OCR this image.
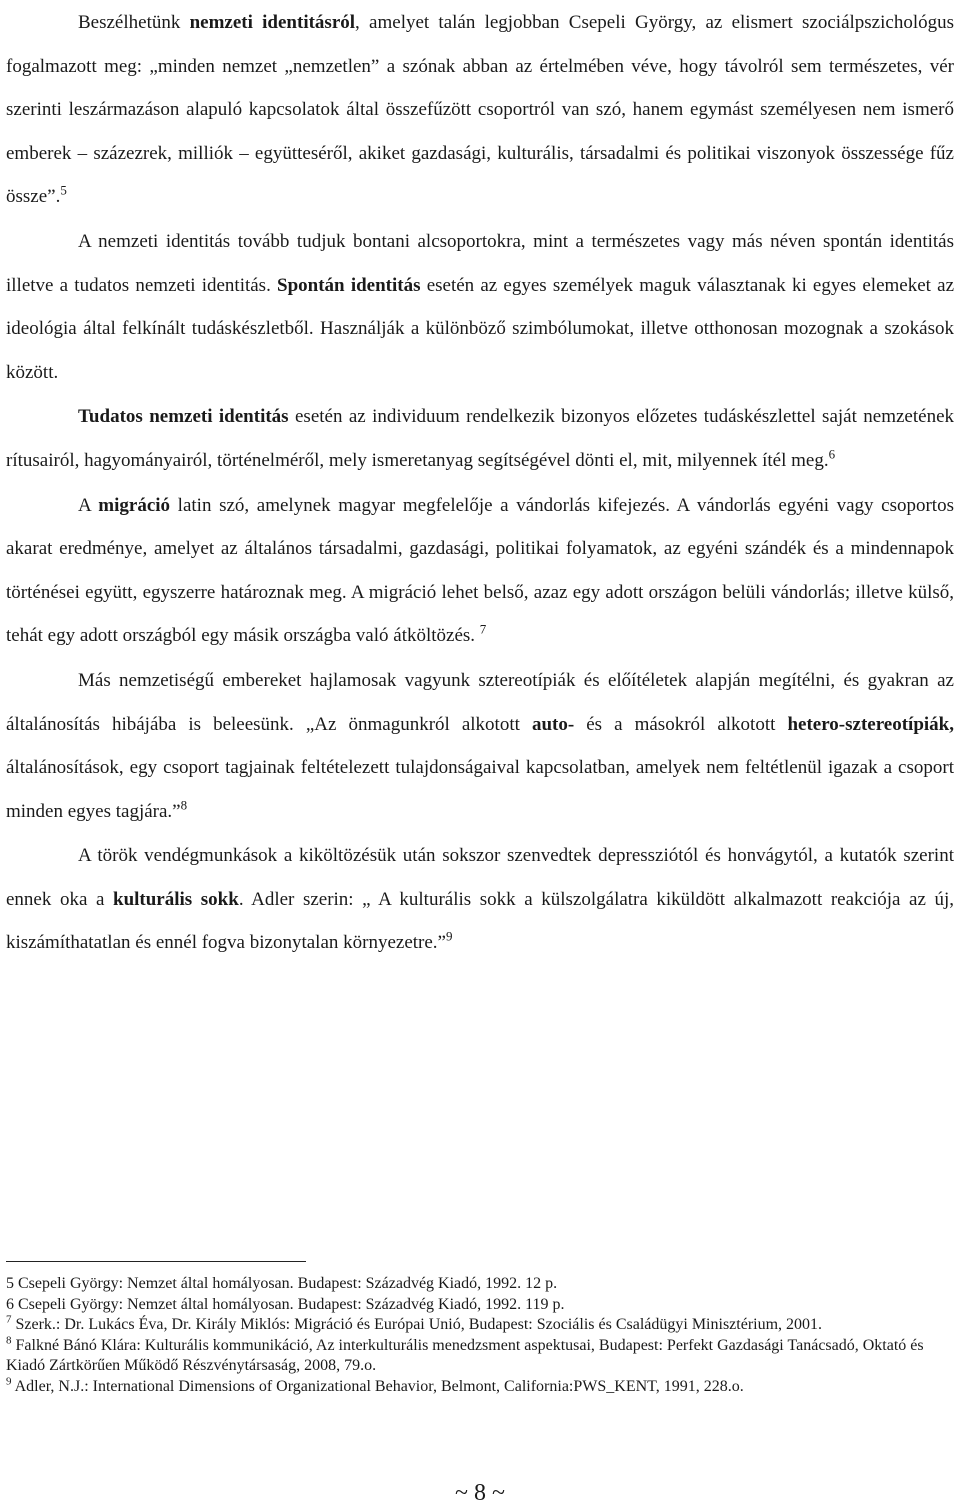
Beszélhetünk nemzeti identitásról, amelyet talán legjobban Csepeli György, az elismert szociálpszichológus fogalmazott meg: „minden nemzet „nemzetlen” a szónak abban az értelmében véve, hogy távolról sem természetes, vér szerinti leszármazáson alapuló kapcsolatok által összefűzött csoportról van szó, hanem egymást személyesen nem ismerő emberek – százezrek, milliók – együtteséről, akiket gazdasági, kulturális, társadalmi és politikai viszonyok összessége fűz össze”.$^5$

A nemzeti identitás tovább tudjuk bontani alcsoportokra, mint a természetes vagy más néven spontán identitás illetve a tudatos nemzeti identitás. Spontán identitás esetén az egyes személyek maguk választanak ki egyes elemeket az ideológia által felkínált tudáskészletből. Használják a különböző szimbólumokat, illetve otthonosan mozognak a szokások között.

Tudatos nemzeti identitás esetén az individuum rendelkezik bizonyos előzetes tudáskészlettel saját nemzetének rítusairól, hagyományairól, történelméről, mely ismeretanyag segítségével dönti el, mit, milyennek ítél meg.$^6$

A migráció latin szó, amelynek magyar megfelelője a vándorlás kifejezés. A vándorlás egyéni vagy csoportos akarat eredménye, amelyet az általános társadalmi, gazdasági, politikai folyamatok, az egyéni szándék és a mindennapok történései együtt, egyszerre határoznak meg. A migráció lehet belső, azaz egy adott országon belüli vándorlás; illetve külső, tehát egy adott országból egy másik országba való átköltözés. $^7$

Más nemzetiségű embereket hajlamosak vagyunk sztereotípiák és előítéletek alapján megítélni, és gyakran az általánosítás hibájába is beleesünk. „Az önmagunkról alkotott auto- és a másokról alkotott hetero-sztereotípiák, általánosítások, egy csoport tagjainak feltételezett tulajdonságaival kapcsolatban, amelyek nem feltétlenül igazak a csoport minden egyes tagjára.”$^8$

A török vendégmunkások a kiköltözésük után sokszor szenvedtek depressziótól és honvágytól, a kutatók szerint ennek oka a kulturális sokk. Adler szerin: „ A kulturális sokk a külszolgálatra kiküldött alkalmazott reakciója az új, kiszámíthatatlan és ennél fogva bizonytalan környezetre.”$^9$

5 Csepeli György: Nemzet által homályosan. Budapest: Századvég Kiadó, 1992. 12 p.

6 Csepeli György: Nemzet által homályosan. Budapest: Századvég Kiadó, 1992. 119 p.

$^7$ Szerk.: Dr. Lukács Éva, Dr. Király Miklós: Migráció és Európai Unió, Budapest: Szociális és Családügyi Minisztérium, 2001.

$^8$ Falkné Bánó Klára: Kulturális kommunikáció, Az interkulturális menedzsment aspektusai, Budapest: Perfekt Gazdasági Tanácsadó, Oktató és Kiadó Zártkörűen Működő Részvénytársaság, 2008, 79.o.

$^9$ Adler, N.J.: International Dimensions of Organizational Behavior, Belmont, California:PWS_KENT, 1991, 228.o.

~ 8 ~
